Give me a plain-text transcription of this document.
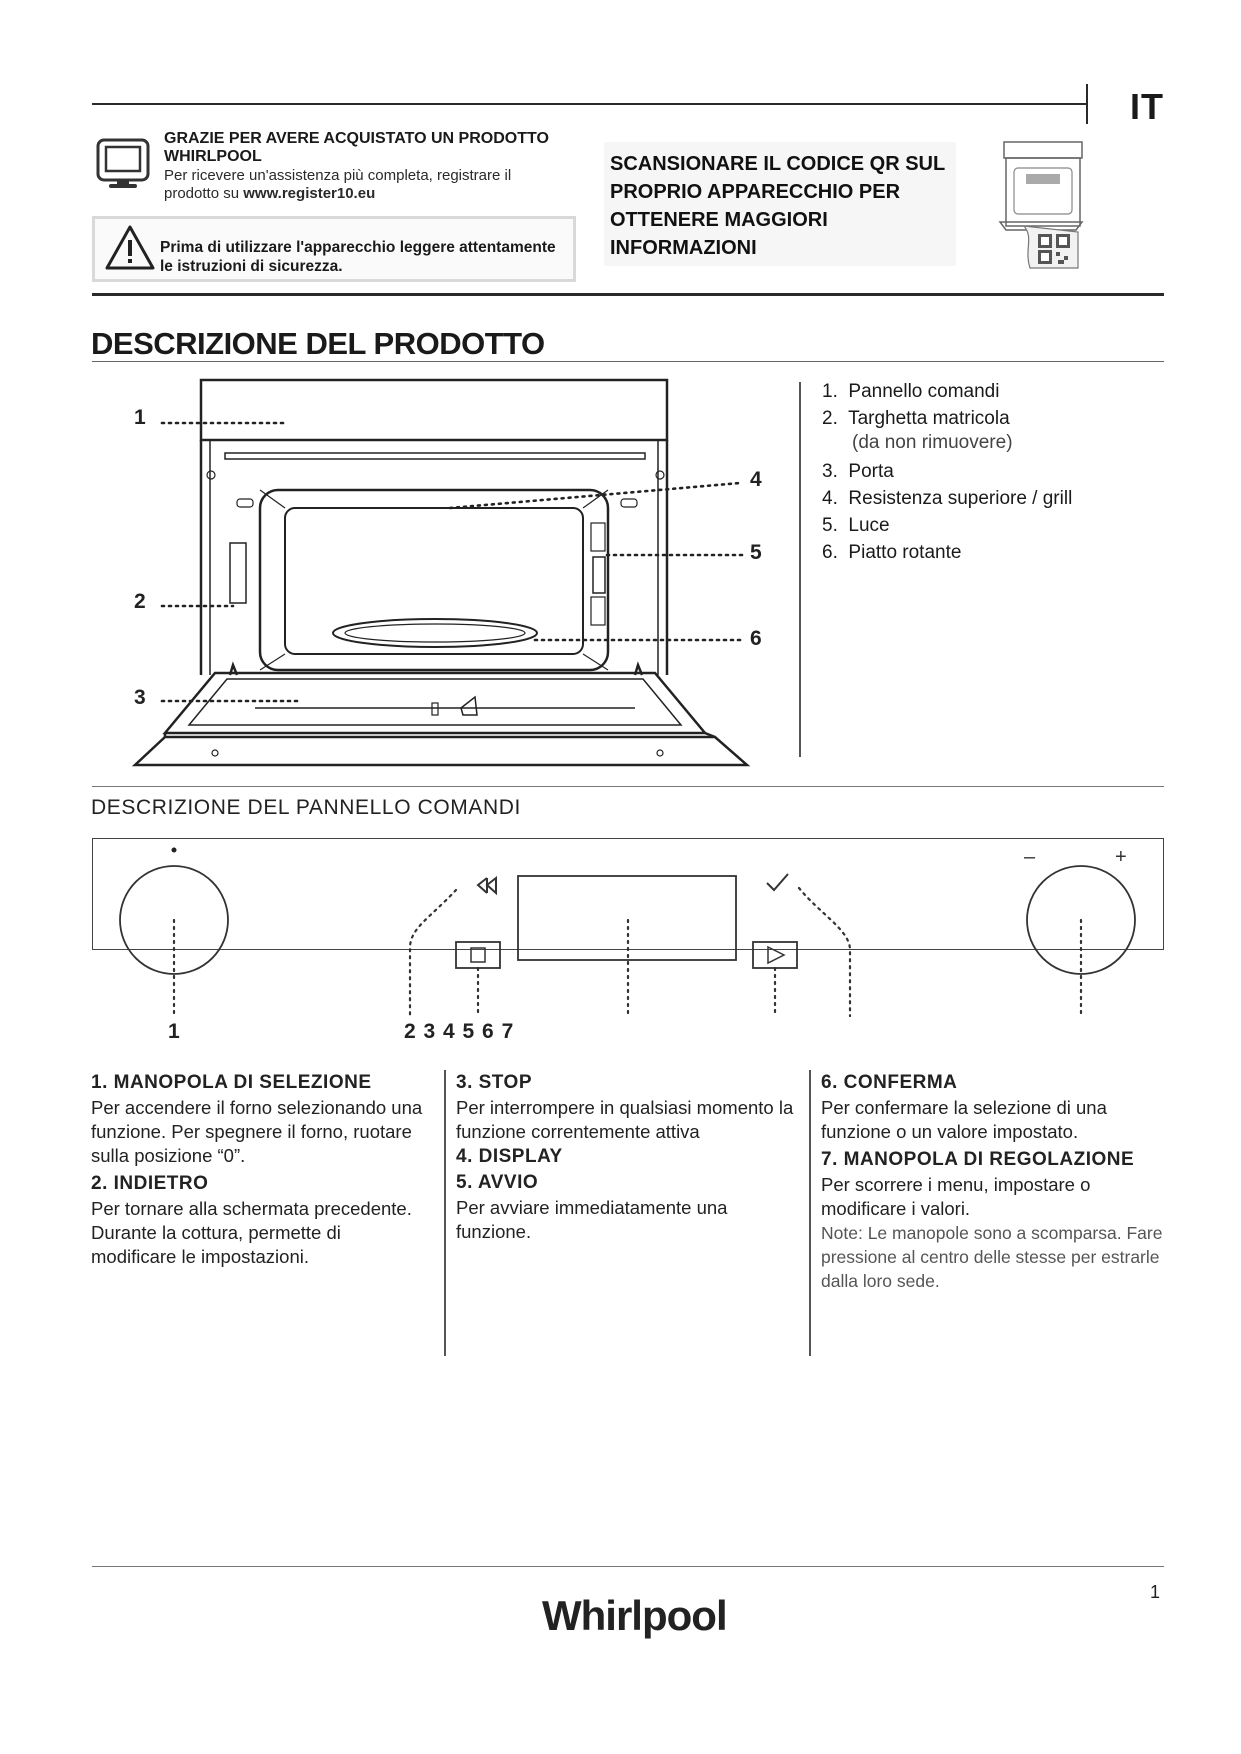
IT
GRAZIE PER AVERE ACQUISTATO UN PRODOTTO WHIRLPOOL
Per ricevere un'assistenza più completa, registrare il prodotto su www.register10.eu
Prima di utilizzare l'apparecchio leggere attentamente le istruzioni di sicurezza.
SCANSIONARE IL CODICE QR SUL PROPRIO APPARECCHIO PER OTTENERE MAGGIORI INFORMAZIONI
DESCRIZIONE DEL PRODOTTO
1
2
3
4
5
6
1. Pannello comandi
2. Targhetta matricola
(da non rimuovere)
3. Porta
4. Resistenza superiore / grill
5. Luce
6. Piatto rotante
DESCRIZIONE DEL PANNELLO COMANDI
–	+
1	2 3 4 5 6 7
1. MANOPOLA DI SELEZIONE
Per accendere il forno selezionando una funzione. Per spegnere il forno, ruotare sulla posizione “0”.
2. INDIETRO
Per tornare alla schermata precedente.
Durante la cottura, permette di modificare le impostazioni.
3. STOP
Per interrompere in qualsiasi momento la funzione correntemente attiva
4. DISPLAY
5. AVVIO
Per avviare immediatamente una funzione.
6. CONFERMA
Per confermare la selezione di una funzione o un valore impostato.
7. MANOPOLA DI REGOLAZIONE
Per scorrere i menu, impostare o modificare i valori.
Note: Le manopole sono a scomparsa. Fare pressione al centro delle stesse per estrarle dalla loro sede.
1
Whirlpool
